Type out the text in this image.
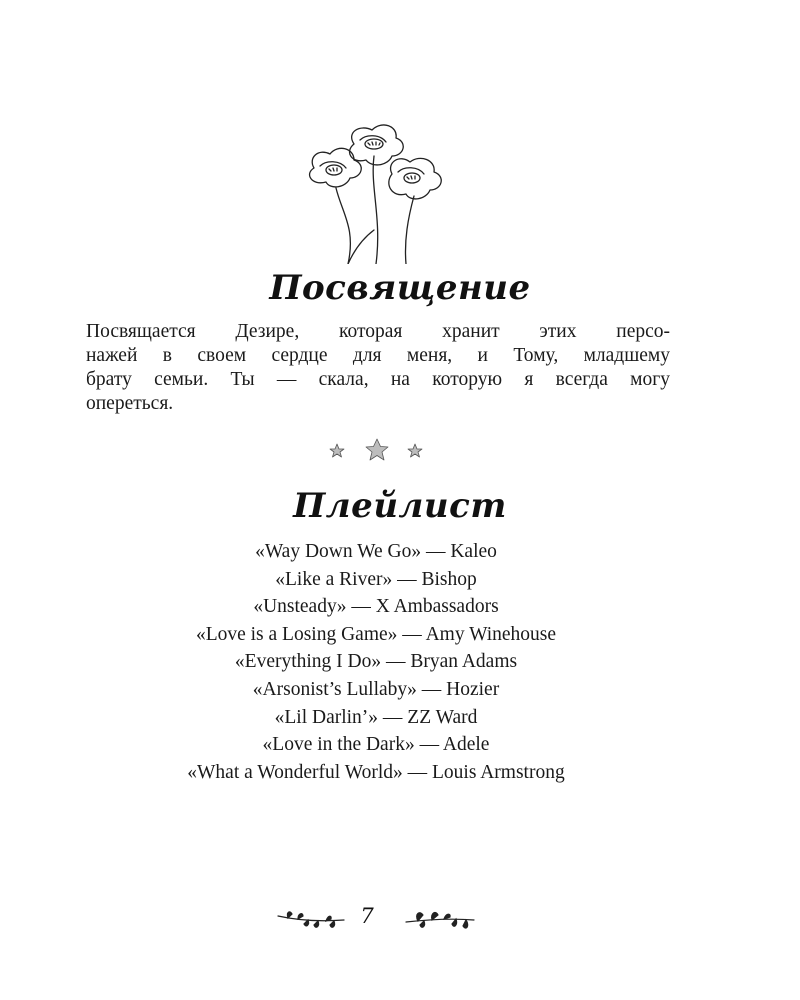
Посвящение
Посвящается Дезире, которая хранит этих персо-
нажей в своем сердце для меня, и Тому, младшему
брату семьи. Ты — скала, на которую я всегда могу
опереться.
Плейлист
«Way Down We Go» — Kaleo
«Like a River» — Bishop
«Unsteady» — X Ambassadors
«Love is a Losing Game» — Amy Winehouse
«Everything I Do» — Bryan Adams
«Arsonist’s Lullaby» — Hozier
«Lil Darlin’» — ZZ Ward
«Love in the Dark» — Adele
«What a Wonderful World» — Louis Armstrong
7
